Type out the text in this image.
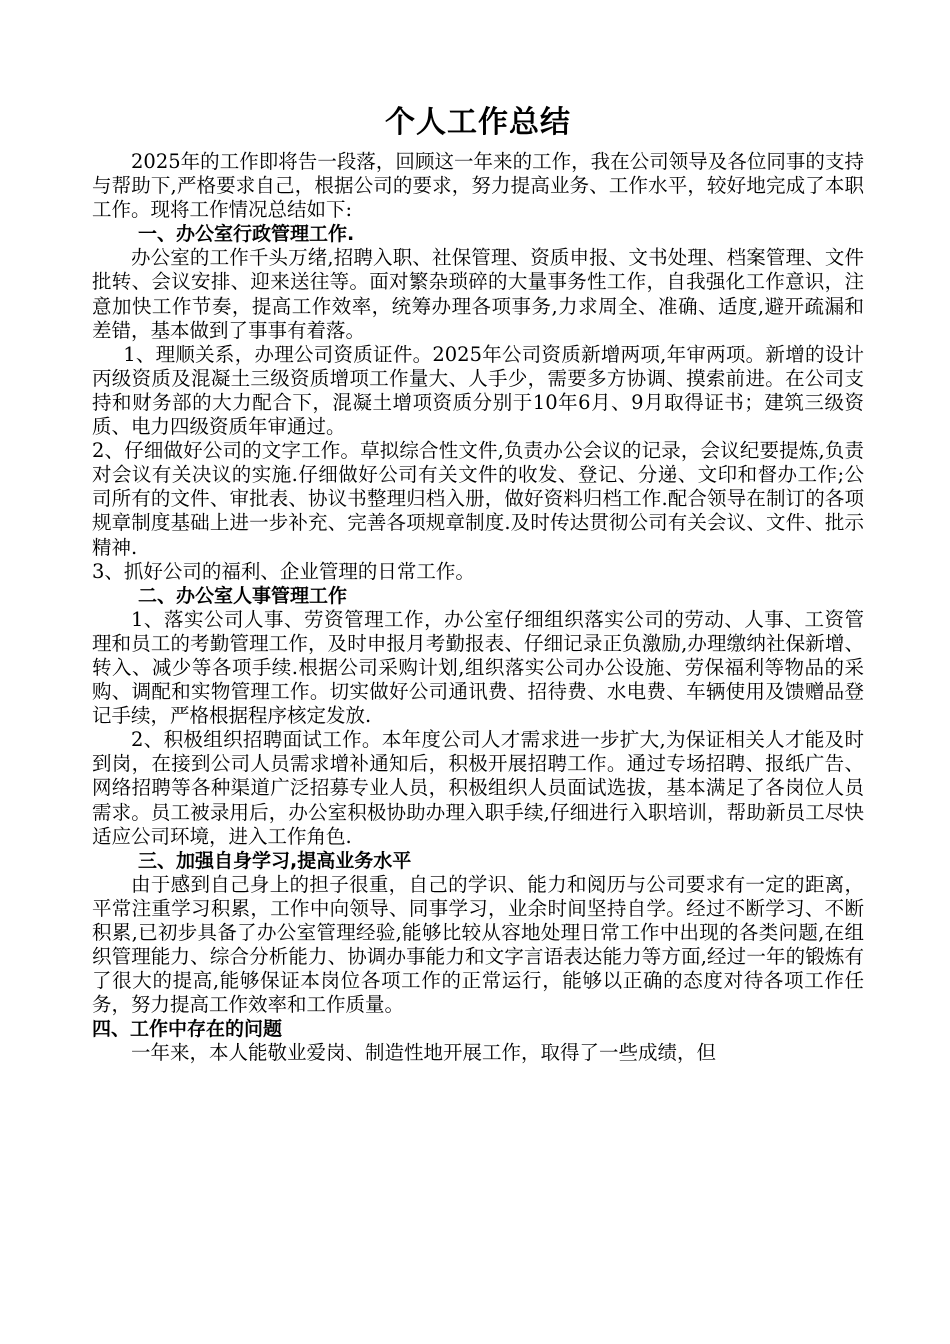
个人工作总结

2025年的工作即将告一段落，回顾这一年来的工作，我在公司领导及各位同事的支持与帮助下,严格要求自己，根据公司的要求，努力提高业务、工作水平，较好地完成了本职工作。现将工作情况总结如下:

一、办公室行政管理工作.

办公室的工作千头万绪,招聘入职、社保管理、资质申报、文书处理、档案管理、文件批转、会议安排、迎来送往等。面对繁杂琐碎的大量事务性工作，自我强化工作意识，注意加快工作节奏，提高工作效率，统筹办理各项事务,力求周全、准确、适度,避开疏漏和差错，基本做到了事事有着落。

1、理顺关系，办理公司资质证件。2025年公司资质新增两项,年审两项。新增的设计丙级资质及混凝土三级资质增项工作量大、人手少，需要多方协调、摸索前进。在公司支持和财务部的大力配合下，混凝土增项资质分别于10年6月、9月取得证书；建筑三级资质、电力四级资质年审通过。

2、仔细做好公司的文字工作。草拟综合性文件,负责办公会议的记录，会议纪要提炼,负责对会议有关决议的实施.仔细做好公司有关文件的收发、登记、分递、文印和督办工作;公司所有的文件、审批表、协议书整理归档入册，做好资料归档工作.配合领导在制订的各项规章制度基础上进一步补充、完善各项规章制度.及时传达贯彻公司有关会议、文件、批示精神.

3、抓好公司的福利、企业管理的日常工作。

二、办公室人事管理工作

1、落实公司人事、劳资管理工作，办公室仔细组织落实公司的劳动、人事、工资管理和员工的考勤管理工作，及时申报月考勤报表、仔细记录正负激励,办理缴纳社保新增、转入、减少等各项手续.根据公司采购计划,组织落实公司办公设施、劳保福利等物品的采购、调配和实物管理工作。切实做好公司通讯费、招待费、水电费、车辆使用及馈赠品登记手续，严格根据程序核定发放.

2、积极组织招聘面试工作。本年度公司人才需求进一步扩大,为保证相关人才能及时到岗，在接到公司人员需求增补通知后，积极开展招聘工作。通过专场招聘、报纸广告、网络招聘等各种渠道广泛招募专业人员，积极组织人员面试选拔，基本满足了各岗位人员需求。员工被录用后，办公室积极协助办理入职手续,仔细进行入职培训，帮助新员工尽快适应公司环境，进入工作角色.

三、加强自身学习,提高业务水平

由于感到自己身上的担子很重，自己的学识、能力和阅历与公司要求有一定的距离，平常注重学习积累，工作中向领导、同事学习，业余时间坚持自学。经过不断学习、不断积累,已初步具备了办公室管理经验,能够比较从容地处理日常工作中出现的各类问题,在组织管理能力、综合分析能力、协调办事能力和文字言语表达能力等方面,经过一年的锻炼有了很大的提高,能够保证本岗位各项工作的正常运行，能够以正确的态度对待各项工作任务，努力提高工作效率和工作质量。

四、工作中存在的问题

一年来，本人能敬业爱岗、制造性地开展工作，取得了一些成绩，但
